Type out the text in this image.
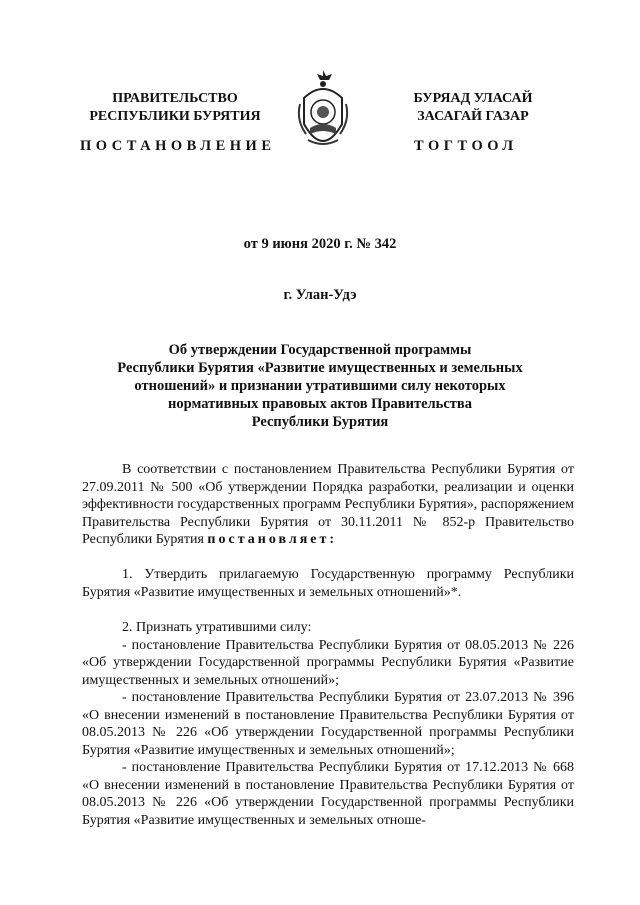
ПРАВИТЕЛЬСТВО
РЕСПУБЛИКИ БУРЯТИЯ
БУРЯАД УЛАСАЙ
ЗАСАГАЙ ГАЗАР
ПОСТАНОВЛЕНИЕ	ТОГТООЛ
от 9 июня 2020 г. № 342
г. Улан-Удэ
Об утверждении Государственной программы
Республики Бурятия «Развитие имущественных и земельных
отношений» и признании утратившими силу некоторых
нормативных правовых актов Правительства
Республики Бурятия

В соответствии с постановлением Правительства Республики Бурятия от 27.09.2011 № 500 «Об утверждении Порядка разработки, реализации и оценки эффективности государственных программ Республики Бурятия», распоряжением Правительства Республики Бурятия от 30.11.2011 № 852-р Правительство Республики Бурятия постановляет:

1. Утвердить прилагаемую Государственную программу Республики Бурятия «Развитие имущественных и земельных отношений»*.

2. Признать утратившими силу:

- постановление Правительства Республики Бурятия от 08.05.2013 № 226 «Об утверждении Государственной программы Республики Бурятия «Развитие имущественных и земельных отношений»;

- постановление Правительства Республики Бурятия от 23.07.2013 № 396 «О внесении изменений в постановление Правительства Республики Бурятия от 08.05.2013 № 226 «Об утверждении Государственной программы Республики Бурятия «Развитие имущественных и земельных отношений»;

- постановление Правительства Республики Бурятия от 17.12.2013 № 668 «О внесении изменений в постановление Правительства Республики Бурятия от 08.05.2013 № 226 «Об утверждении Государственной программы Республики Бурятия «Развитие имущественных и земельных отноше-
